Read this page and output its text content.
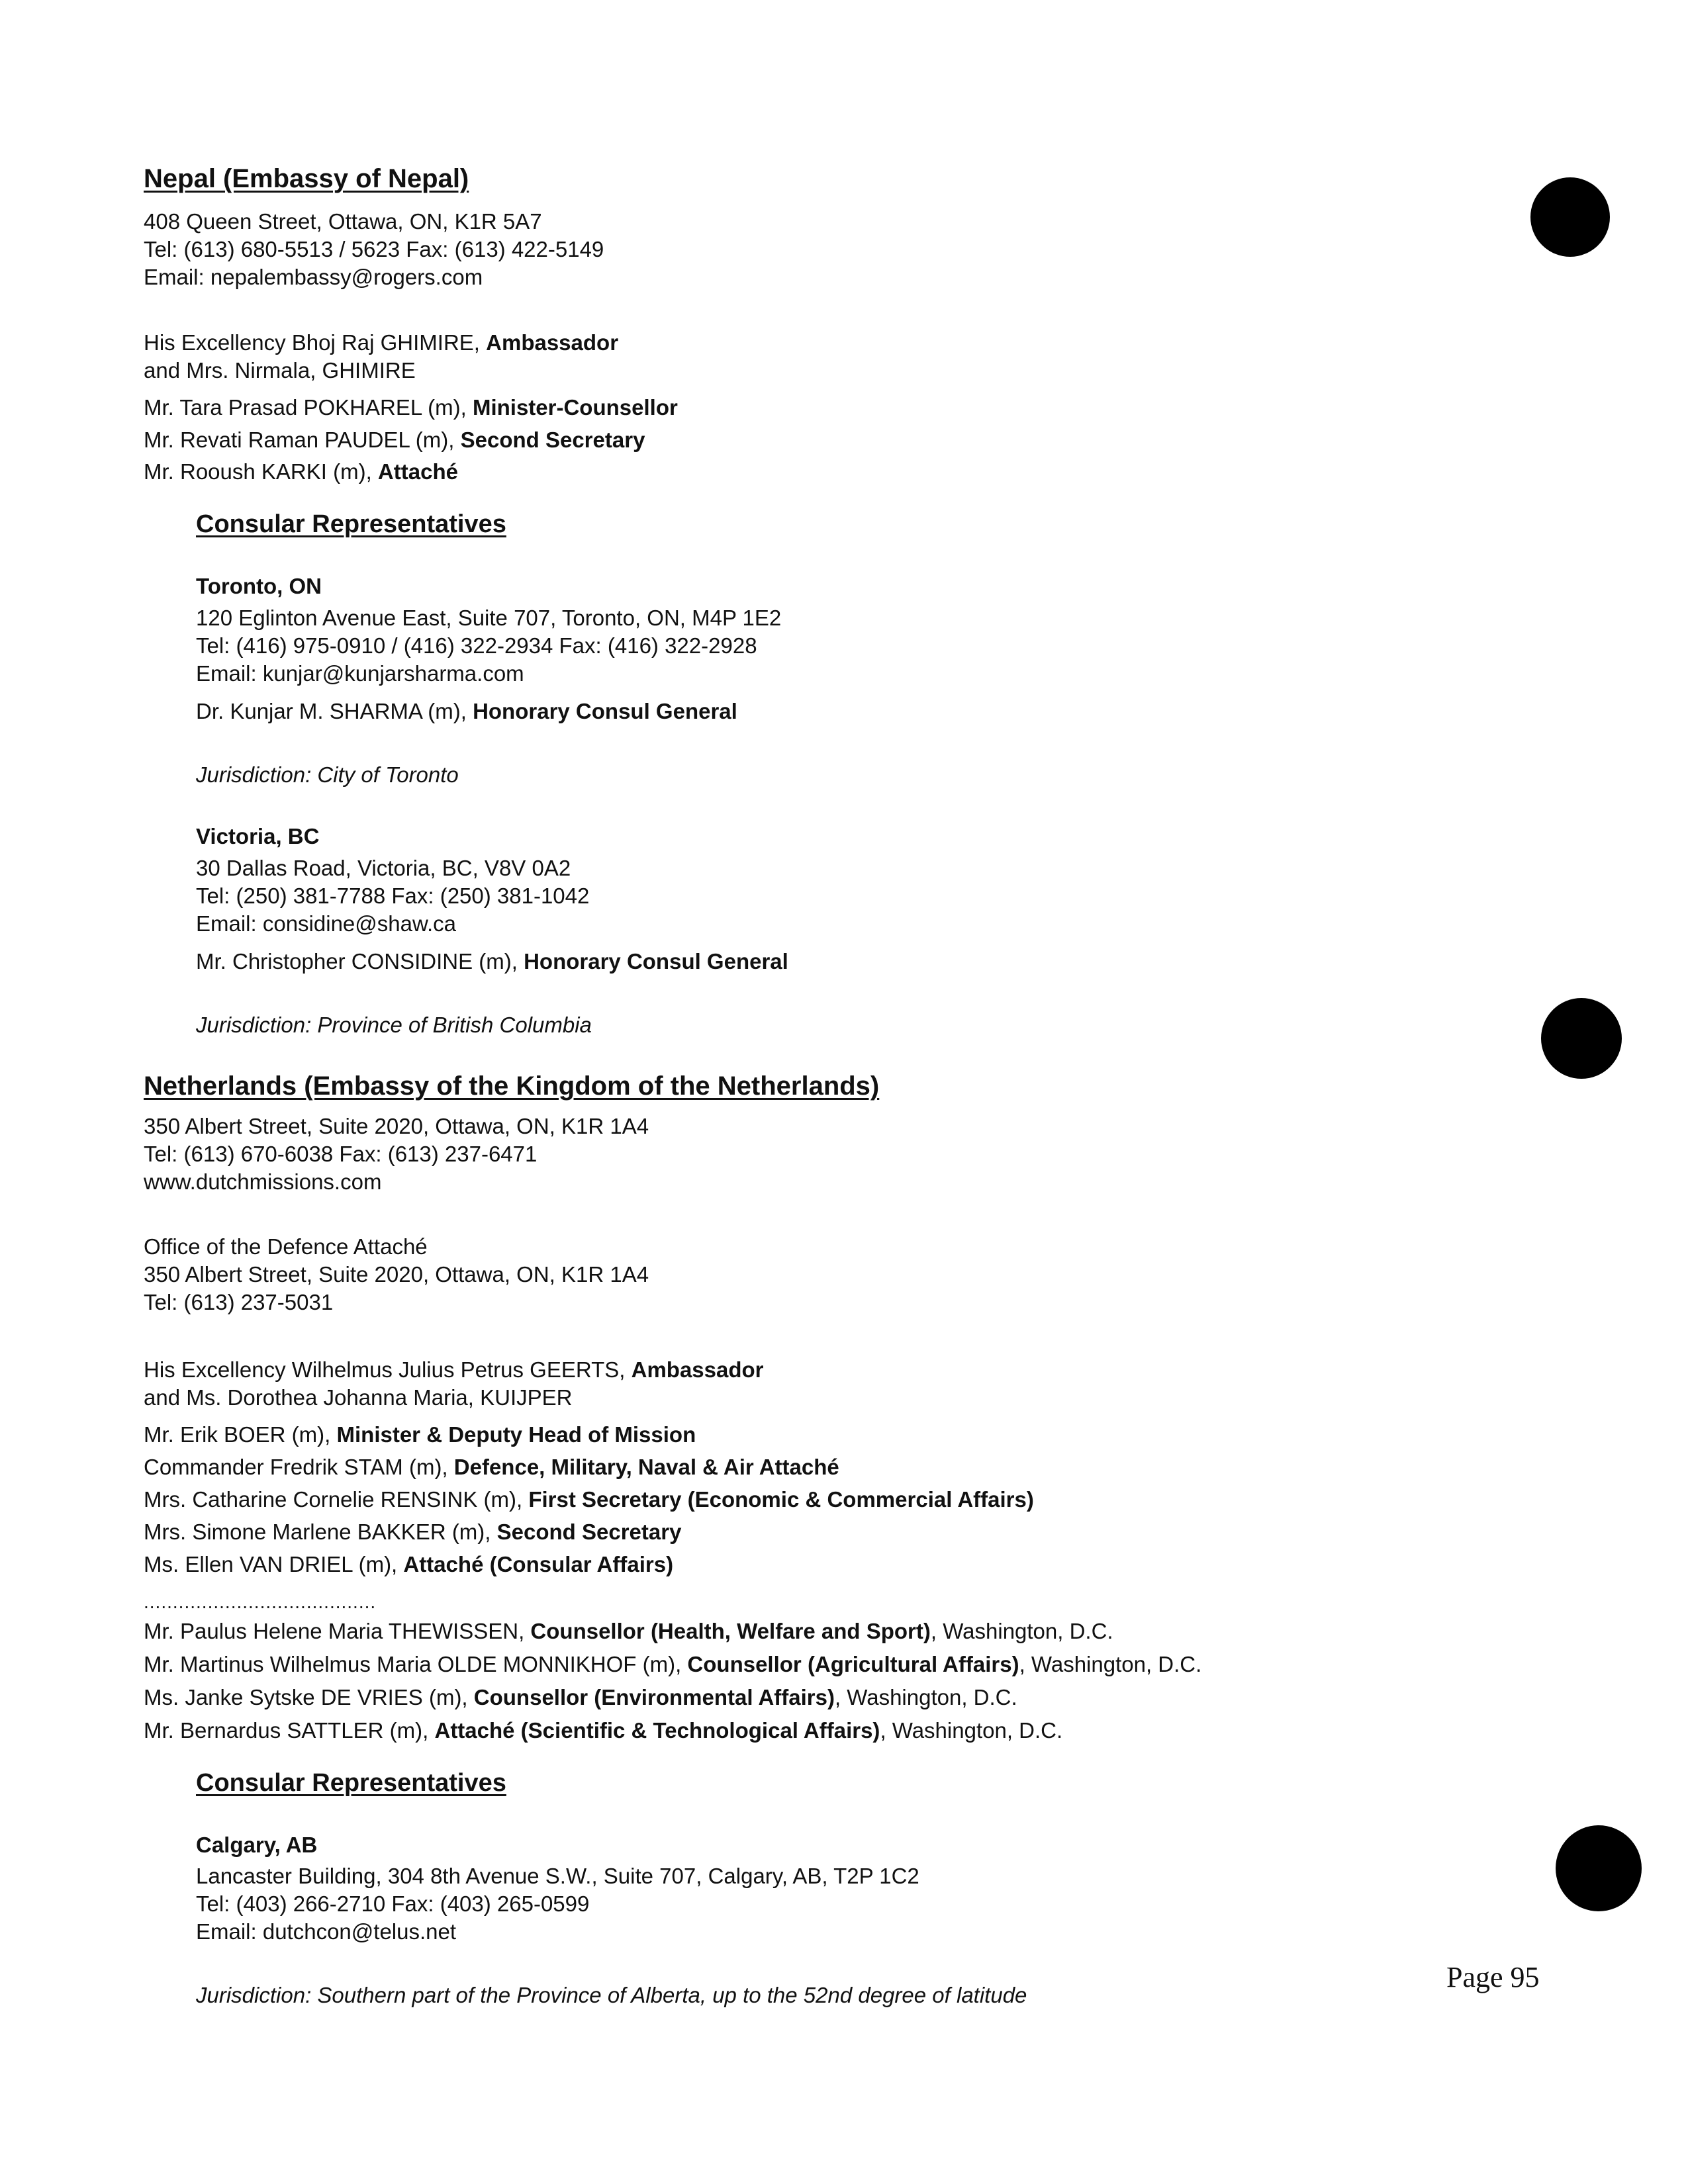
Nepal (Embassy of Nepal)
408 Queen Street, Ottawa, ON, K1R 5A7
Tel: (613) 680-5513 / 5623 Fax: (613) 422-5149
Email: nepalembassy@rogers.com
His Excellency Bhoj Raj GHIMIRE, Ambassador
and Mrs. Nirmala, GHIMIRE
Mr. Tara Prasad POKHAREL (m), Minister-Counsellor
Mr. Revati Raman PAUDEL (m), Second Secretary
Mr. Rooush KARKI (m), Attaché
Consular Representatives
Toronto, ON
120 Eglinton Avenue East, Suite 707, Toronto, ON, M4P 1E2
Tel: (416) 975-0910 / (416) 322-2934 Fax: (416) 322-2928
Email: kunjar@kunjarsharma.com
Dr. Kunjar M. SHARMA (m), Honorary Consul General
Jurisdiction: City of Toronto
Victoria, BC
30 Dallas Road, Victoria, BC, V8V 0A2
Tel: (250) 381-7788 Fax: (250) 381-1042
Email: considine@shaw.ca
Mr. Christopher CONSIDINE (m), Honorary Consul General
Jurisdiction: Province of British Columbia
Netherlands (Embassy of the Kingdom of the Netherlands)
350 Albert Street, Suite 2020, Ottawa, ON, K1R 1A4
Tel: (613) 670-6038 Fax: (613) 237-6471
www.dutchmissions.com
Office of the Defence Attaché
350 Albert Street, Suite 2020, Ottawa, ON, K1R 1A4
Tel: (613) 237-5031
His Excellency Wilhelmus Julius Petrus GEERTS, Ambassador
and Ms. Dorothea Johanna Maria, KUIJPER
Mr. Erik BOER (m), Minister & Deputy Head of Mission
Commander Fredrik STAM (m), Defence, Military, Naval & Air Attaché
Mrs. Catharine Cornelie RENSINK (m), First Secretary (Economic & Commercial Affairs)
Mrs. Simone Marlene BAKKER (m), Second Secretary
Ms. Ellen VAN DRIEL (m), Attaché (Consular Affairs)
........................................
Mr. Paulus Helene Maria THEWISSEN, Counsellor (Health, Welfare and Sport), Washington, D.C.
Mr. Martinus Wilhelmus Maria OLDE MONNIKHOF (m), Counsellor (Agricultural Affairs), Washington, D.C.
Ms. Janke Sytske DE VRIES (m), Counsellor (Environmental Affairs), Washington, D.C.
Mr. Bernardus SATTLER (m), Attaché (Scientific & Technological Affairs), Washington, D.C.
Consular Representatives
Calgary, AB
Lancaster Building, 304 8th Avenue S.W., Suite 707, Calgary, AB, T2P 1C2
Tel: (403) 266-2710 Fax: (403) 265-0599
Email: dutchcon@telus.net
Jurisdiction: Southern part of the Province of Alberta, up to the 52nd degree of latitude
Page 95
